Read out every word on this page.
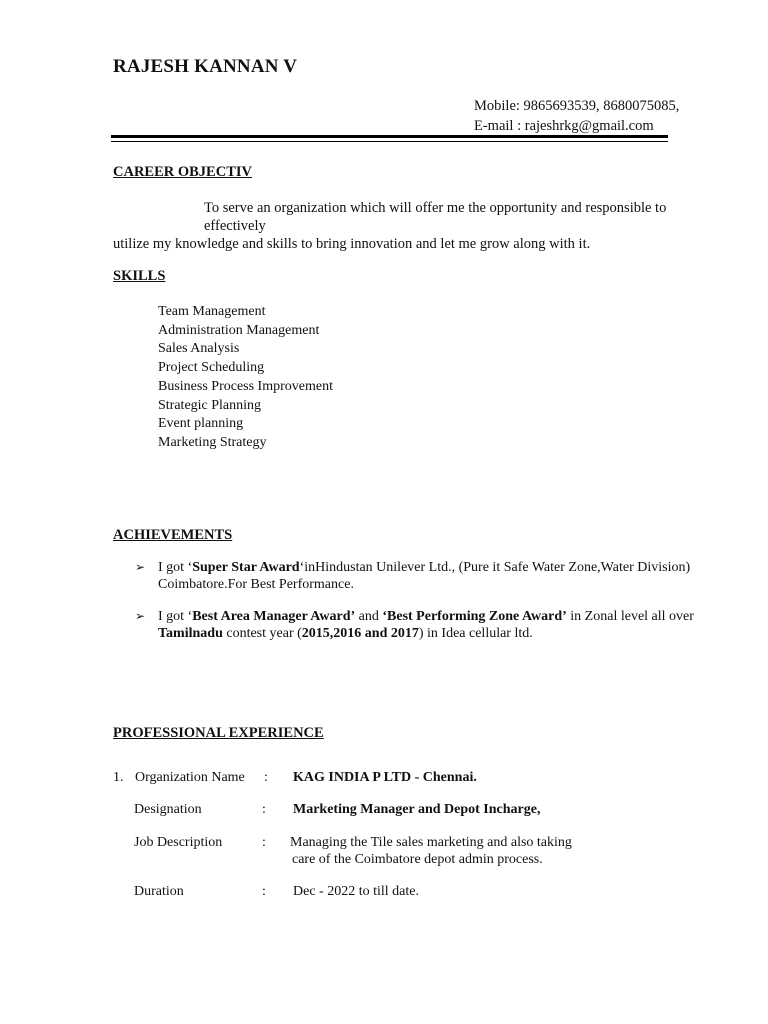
RAJESH KANNAN V
Mobile: 9865693539, 8680075085,
E-mail : rajeshrkg@gmail.com
CAREER OBJECTIV
To serve an organization which will offer me the opportunity and responsible to effectively
utilize my knowledge and skills to bring innovation and let me grow along with it.
SKILLS
Team Management
Administration Management
Sales Analysis
Project Scheduling
Business Process Improvement
Strategic Planning
Event planning
Marketing Strategy
ACHIEVEMENTS
➢ I got ‘Super Star Award‘inHindustan Unilever Ltd., (Pure it Safe Water Zone,Water Division)
Coimbatore.For Best Performance.
➢ I got ‘Best Area Manager Award’ and ‘Best Performing Zone Award’ in Zonal level all over
Tamilnadu contest year (2015,2016 and 2017) in Idea cellular ltd.
PROFESSIONAL EXPERIENCE
1. Organization Name : KAG INDIA P LTD - Chennai.
Designation	: Marketing Manager and Depot Incharge,
Job Description	: Managing the Tile sales marketing and also taking
care of the Coimbatore depot admin process.
Duration	: Dec - 2022 to till date.
